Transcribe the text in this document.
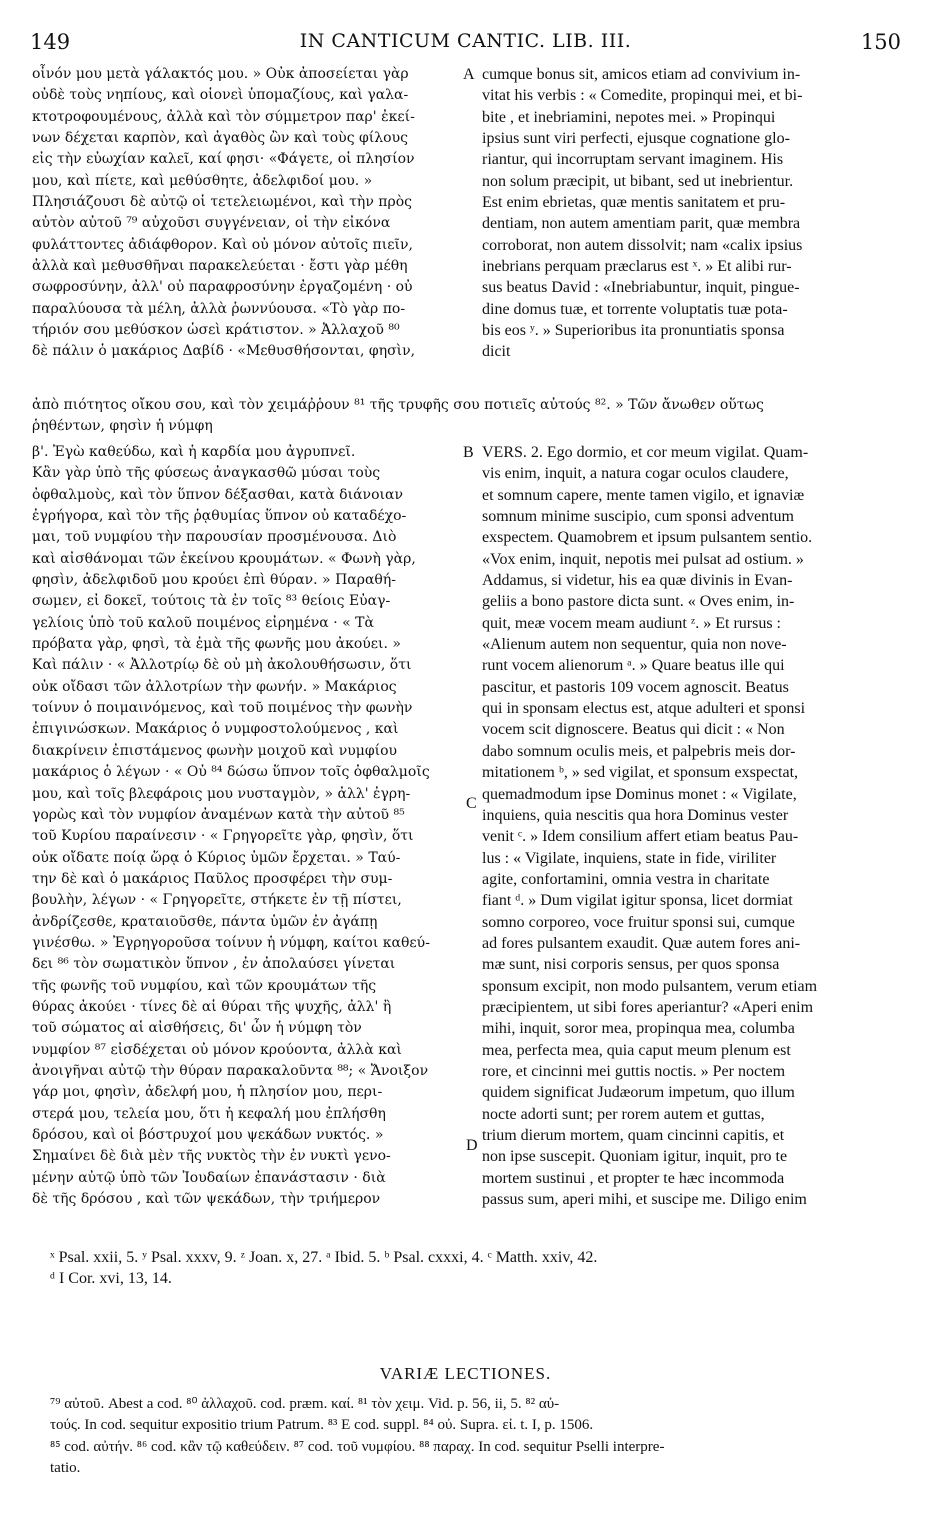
149	IN CANTICUM CANTIC. LIB. III.	150
οἶνόν μου μετὰ γάλακτός μου. » Οὐκ ἀποσείεται γὰρ
οὐδὲ τοὺς νηπίους, καὶ οἱονεὶ ὑπομαζίους, καὶ γαλα-
κτοτροφουμένους, ἀλλὰ καὶ τὸν σύμμετρον παρ' ἐκεί-
νων δέχεται καρπὸν, καὶ ἀγαθὸς ὢν καὶ τοὺς φίλους
εἰς τὴν εὐωχίαν καλεῖ, καί φησι· «Φάγετε, οἱ πλησίον
μου, καὶ πίετε, καὶ μεθύσθητε, ἀδελφιδοί μου. »
Πλησιάζουσι δὲ αὐτῷ οἱ τετελειωμένοι, καὶ τὴν πρὸς
αὐτὸν αὐτοῦ ⁷⁹ αὐχοῦσι συγγένειαν, οἱ τὴν εἰκόνα
φυλάττοντες ἀδιάφθορον. Καὶ οὐ μόνον αὐτοῖς πιεῖν,
ἀλλὰ καὶ μεθυσθῆναι παρακελεύεται · ἔστι γὰρ μέθη
σωφροσύνην, ἀλλ' οὐ παραφροσύνην ἐργαζομένη · οὐ
παραλύουσα τὰ μέλη, ἀλλὰ ῥωννύουσα. «Τὸ γὰρ πο-
τήριόν σου μεθύσκον ὡσεὶ κράτιστον. » Ἀλλαχοῦ ⁸⁰
δὲ πάλιν ὁ μακάριος Δαβίδ · «Μεθυσθήσονται, φησὶν,
cumque bonus sit, amicos etiam ad convivium in-
vitat his verbis : « Comedite, propinqui mei, et bi-
bite , et inebriamini, nepotes mei. » Propinqui
ipsius sunt viri perfecti, ejusque cognatione glo-
riantur, qui incorruptam servant imaginem. His
non solum præcipit, ut bibant, sed ut inebrientur.
Est enim ebrietas, quæ mentis sanitatem et pru-
dentiam, non autem amentiam parit, quæ membra
corroborat, non autem dissolvit; nam «calix ipsius
inebrians perquam præclarus est ˣ. » Et alibi rur-
sus beatus David : «Inebriabuntur, inquit, pingue-
dine domus tuæ, et torrente voluptatis tuæ pota-
bis eos ʸ. » Superioribus ita pronuntiatis sponsa
dicit
A
ἀπὸ πιότητος οἴκου σου, καὶ τὸν χειμάῤῥουν ⁸¹ τῆς τρυφῆς σου ποτιεῖς αὐτούς ⁸². » Τῶν ἄνωθεν οὕτως
ῥηθέντων, φησὶν ἡ νύμφη
B
β'. Ἐγὼ καθεύδω, καὶ ἡ καρδία μου ἀγρυπνεῖ.
Κἂν γὰρ ὑπὸ τῆς φύσεως ἀναγκασθῶ μύσαι τοὺς
ὀφθαλμοὺς, καὶ τὸν ὕπνον δέξασθαι, κατὰ διάνοιαν
ἐγρήγορα, καὶ τὸν τῆς ῥᾳθυμίας ὕπνον οὐ καταδέχο-
μαι, τοῦ νυμφίου τὴν παρουσίαν προσμένουσα. Διὸ
καὶ αἰσθάνομαι τῶν ἐκείνου κρουμάτων. « Φωνὴ γὰρ,
φησὶν, ἀδελφιδοῦ μου κρούει ἐπὶ θύραν. » Παραθή-
σωμεν, εἰ δοκεῖ, τούτοις τὰ ἐν τοῖς ⁸³ θείοις Εὐαγ-
γελίοις ὑπὸ τοῦ καλοῦ ποιμένος εἰρημένα · « Τὰ
πρόβατα γὰρ, φησὶ, τὰ ἐμὰ τῆς φωνῆς μου ἀκούει. »
Καὶ πάλιν · « Ἀλλοτρίῳ δὲ οὐ μὴ ἀκολουθήσωσιν, ὅτι
οὐκ οἴδασι τῶν ἀλλοτρίων τὴν φωνήν. » Μακάριος
τοίνυν ὁ ποιμαινόμενος, καὶ τοῦ ποιμένος τὴν φωνὴν
ἐπιγινώσκων. Μακάριος ὁ νυμφοστολούμενος , καὶ
διακρίνειν ἐπιστάμενος φωνὴν μοιχοῦ καὶ νυμφίου
μακάριος ὁ λέγων · « Οὐ ⁸⁴ δώσω ὕπνον τοῖς ὀφθαλμοῖς
μου, καὶ τοῖς βλεφάροις μου νυσταγμὸν, » ἀλλ' ἐγρη-
γορὼς καὶ τὸν νυμφίον ἀναμένων κατὰ τὴν αὐτοῦ ⁸⁵
τοῦ Κυρίου παραίνεσιν · « Γρηγορεῖτε γὰρ, φησὶν, ὅτι
οὐκ οἴδατε ποίᾳ ὥρᾳ ὁ Κύριος ὑμῶν ἔρχεται. » Ταύ-
την δὲ καὶ ὁ μακάριος Παῦλος προσφέρει τὴν συμ-
βουλὴν, λέγων · « Γρηγορεῖτε, στήκετε ἐν τῇ πίστει,
ἀνδρίζεσθε, κραταιοῦσθε, πάντα ὑμῶν ἐν ἀγάπῃ
γινέσθω. » Ἐγρηγοροῦσα τοίνυν ἡ νύμφη, καίτοι καθεύ-
δει ⁸⁶ τὸν σωματικὸν ὕπνον , ἐν ἀπολαύσει γίνεται
τῆς φωνῆς τοῦ νυμφίου, καὶ τῶν κρουμάτων τῆς
θύρας ἀκούει · τίνες δὲ αἱ θύραι τῆς ψυχῆς, ἀλλ' ἢ
τοῦ σώματος αἱ αἰσθήσεις, δι' ὧν ἡ νύμφη τὸν
νυμφίον ⁸⁷ εἰσδέχεται οὐ μόνον κρούοντα, ἀλλὰ καὶ
ἀνοιγῆναι αὐτῷ τὴν θύραν παρακαλοῦντα ⁸⁸; « Ἄνοιξον
γάρ μοι, φησὶν, ἀδελφή μου, ἡ πλησίον μου, περι-
στερά μου, τελεία μου, ὅτι ἡ κεφαλή μου ἐπλήσθη
δρόσου, καὶ οἱ βόστρυχοί μου ψεκάδων νυκτός. »
Σημαίνει δὲ διὰ μὲν τῆς νυκτὸς τὴν ἐν νυκτὶ γενο-
μένην αὐτῷ ὑπὸ τῶν Ἰουδαίων ἐπανάστασιν · διὰ
δὲ τῆς δρόσου , καὶ τῶν ψεκάδων, τὴν τριήμερον
VERS. 2. Ego dormio, et cor meum vigilat. Quam-
vis enim, inquit, a natura cogar oculos claudere,
et somnum capere, mente tamen vigilo, et ignaviæ
somnum minime suscipio, cum sponsi adventum
exspectem. Quamobrem et ipsum pulsantem sentio.
«Vox enim, inquit, nepotis mei pulsat ad ostium. »
Addamus, si videtur, his ea quæ divinis in Evan-
geliis a bono pastore dicta sunt. « Oves enim, in-
quit, meæ vocem meam audiunt ᶻ. » Et rursus :
«Alienum autem non sequentur, quia non nove-
runt vocem alienorum ᵃ. » Quare beatus ille qui
pascitur, et pastoris 109 vocem agnoscit. Beatus
qui in sponsam electus est, atque adulteri et sponsi
vocem scit dignoscere. Beatus qui dicit : « Non
dabo somnum oculis meis, et palpebris meis dor-
mitationem ᵇ, » sed vigilat, et sponsum exspectat,
quemadmodum ipse Dominus monet : « Vigilate,
inquiens, quia nescitis qua hora Dominus vester
venit ᶜ. » Idem consilium affert etiam beatus Pau-
lus : « Vigilate, inquiens, state in fide, viriliter
agite, confortamini, omnia vestra in charitate
fiant ᵈ. » Dum vigilat igitur sponsa, licet dormiat
somno corporeo, voce fruitur sponsi sui, cumque
ad fores pulsantem exaudit. Quæ autem fores ani-
mæ sunt, nisi corporis sensus, per quos sponsa
sponsum excipit, non modo pulsantem, verum etiam
præcipientem, ut sibi fores aperiantur? «Aperi enim
mihi, inquit, soror mea, propinqua mea, columba
mea, perfecta mea, quia caput meum plenum est
rore, et cincinni mei guttis noctis. » Per noctem
quidem significat Judæorum impetum, quo illum
nocte adorti sunt; per rorem autem et guttas,
trium dierum mortem, quam cincinni capitis, et
non ipse suscepit. Quoniam igitur, inquit, pro te
mortem sustinui , et propter te hæc incommoda
passus sum, aperi mihi, et suscipe me. Diligo enim
C
D
ˣ Psal. xxii, 5. ʸ Psal. xxxv, 9. ᶻ Joan. x, 27. ᵃ Ibid. 5. ᵇ Psal. cxxxi, 4. ᶜ Matth. xxiv, 42.
ᵈ I Cor. xvi, 13, 14.
VARIÆ LECTIONES.
⁷⁹ αὐτοῦ. Abest a cod. ⁸⁰ ἀλλαχοῦ. cod. præm. καί. ⁸¹ τὸν χειμ. Vid. p. 56, ii, 5. ⁸² αὐ-
τούς. In cod. sequitur expositio trium Patrum. ⁸³ E cod. suppl. ⁸⁴ οὐ. Supra. εἰ. t. I, p. 1506.
⁸⁵ cod. αὐτήν. ⁸⁶ cod. κἂν τῷ καθεύδειν. ⁸⁷ cod. τοῦ νυμφίου. ⁸⁸ παραχ. In cod. sequitur Pselli interpre-
tatio.
